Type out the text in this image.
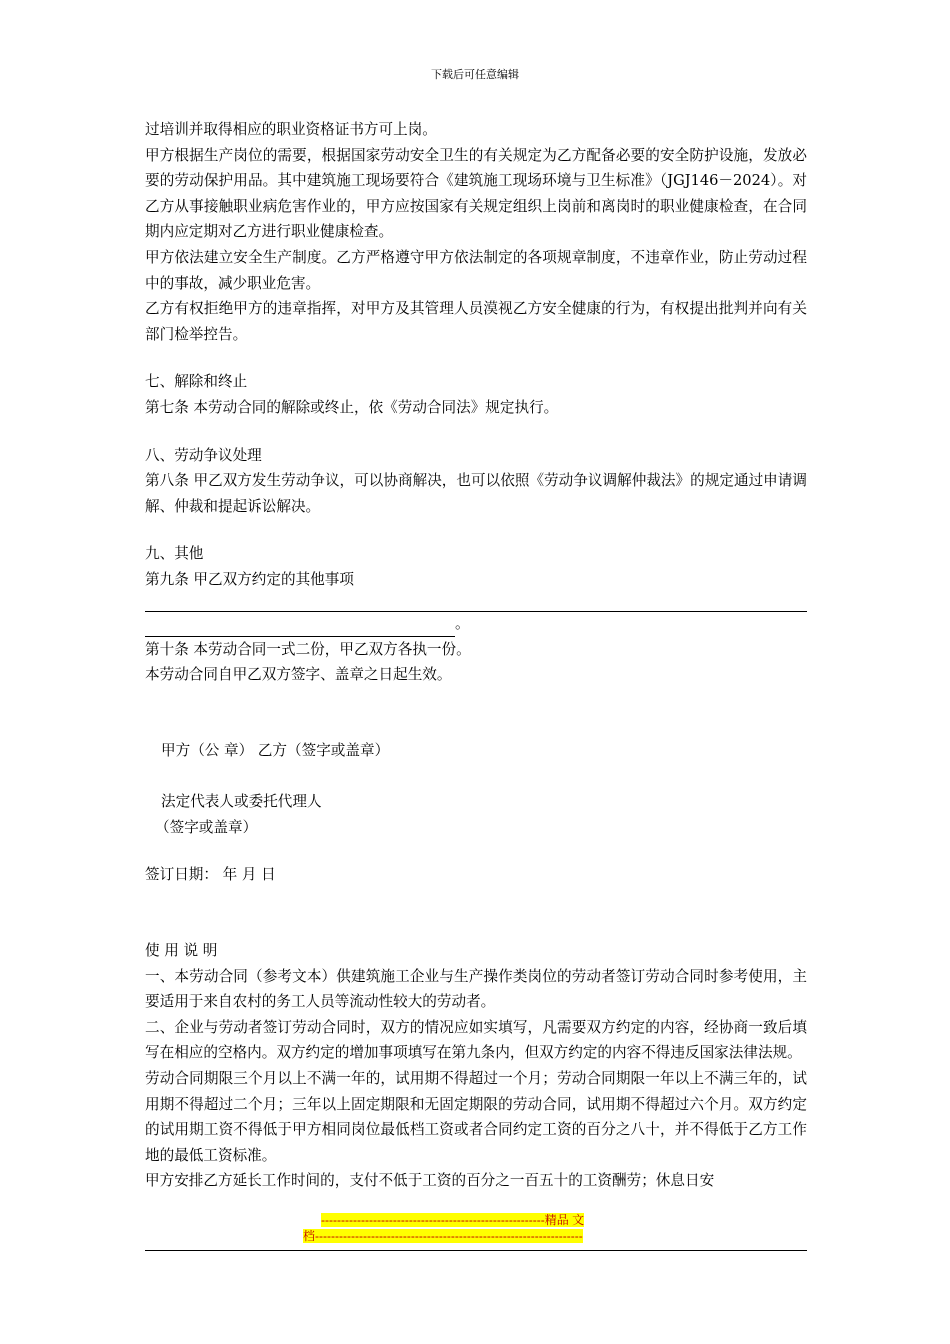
下载后可任意编辑

过培训并取得相应的职业资格证书方可上岗。

甲方根据生产岗位的需要，根据国家劳动安全卫生的有关规定为乙方配备必要的安全防护设施，发放必要的劳动保护用品。其中建筑施工现场要符合《建筑施工现场环境与卫生标准》（JGJ146－2024）。对乙方从事接触职业病危害作业的，甲方应按国家有关规定组织上岗前和离岗时的职业健康检查，在合同期内应定期对乙方进行职业健康检查。

甲方依法建立安全生产制度。乙方严格遵守甲方依法制定的各项规章制度，不违章作业，防止劳动过程中的事故，减少职业危害。

乙方有权拒绝甲方的违章指挥，对甲方及其管理人员漠视乙方安全健康的行为，有权提出批判并向有关部门检举控告。

七、解除和终止

第七条 本劳动合同的解除或终止，依《劳动合同法》规定执行。

八、劳动争议处理

第八条 甲乙双方发生劳动争议，可以协商解决，也可以依照《劳动争议调解仲裁法》的规定通过申请调解、仲裁和提起诉讼解决。

九、其他

第九条 甲乙双方约定的其他事项

。

第十条 本劳动合同一式二份，甲乙双方各执一份。

本劳动合同自甲乙双方签字、盖章之日起生效。

甲方（公 章） 乙方（签字或盖章）

法定代表人或委托代理人

（签字或盖章）

签订日期： 年 月 日

使 用 说 明

一、本劳动合同（参考文本）供建筑施工企业与生产操作类岗位的劳动者签订劳动合同时参考使用，主要适用于来自农村的务工人员等流动性较大的劳动者。

二、企业与劳动者签订劳动合同时，双方的情况应如实填写，凡需要双方约定的内容，经协商一致后填写在相应的空格内。双方约定的增加事项填写在第九条内，但双方约定的内容不得违反国家法律法规。

劳动合同期限三个月以上不满一年的，试用期不得超过一个月；劳动合同期限一年以上不满三年的，试用期不得超过二个月；三年以上固定期限和无固定期限的劳动合同，试用期不得超过六个月。双方约定的试用期工资不得低于甲方相同岗位最低档工资或者合同约定工资的百分之八十，并不得低于乙方工作地的最低工资标准。

甲方安排乙方延长工作时间的，支付不低于工资的百分之一百五十的工资酬劳；休息日安

--------------------------------------------------------精品 文
档-------------------------------------------------------------------
